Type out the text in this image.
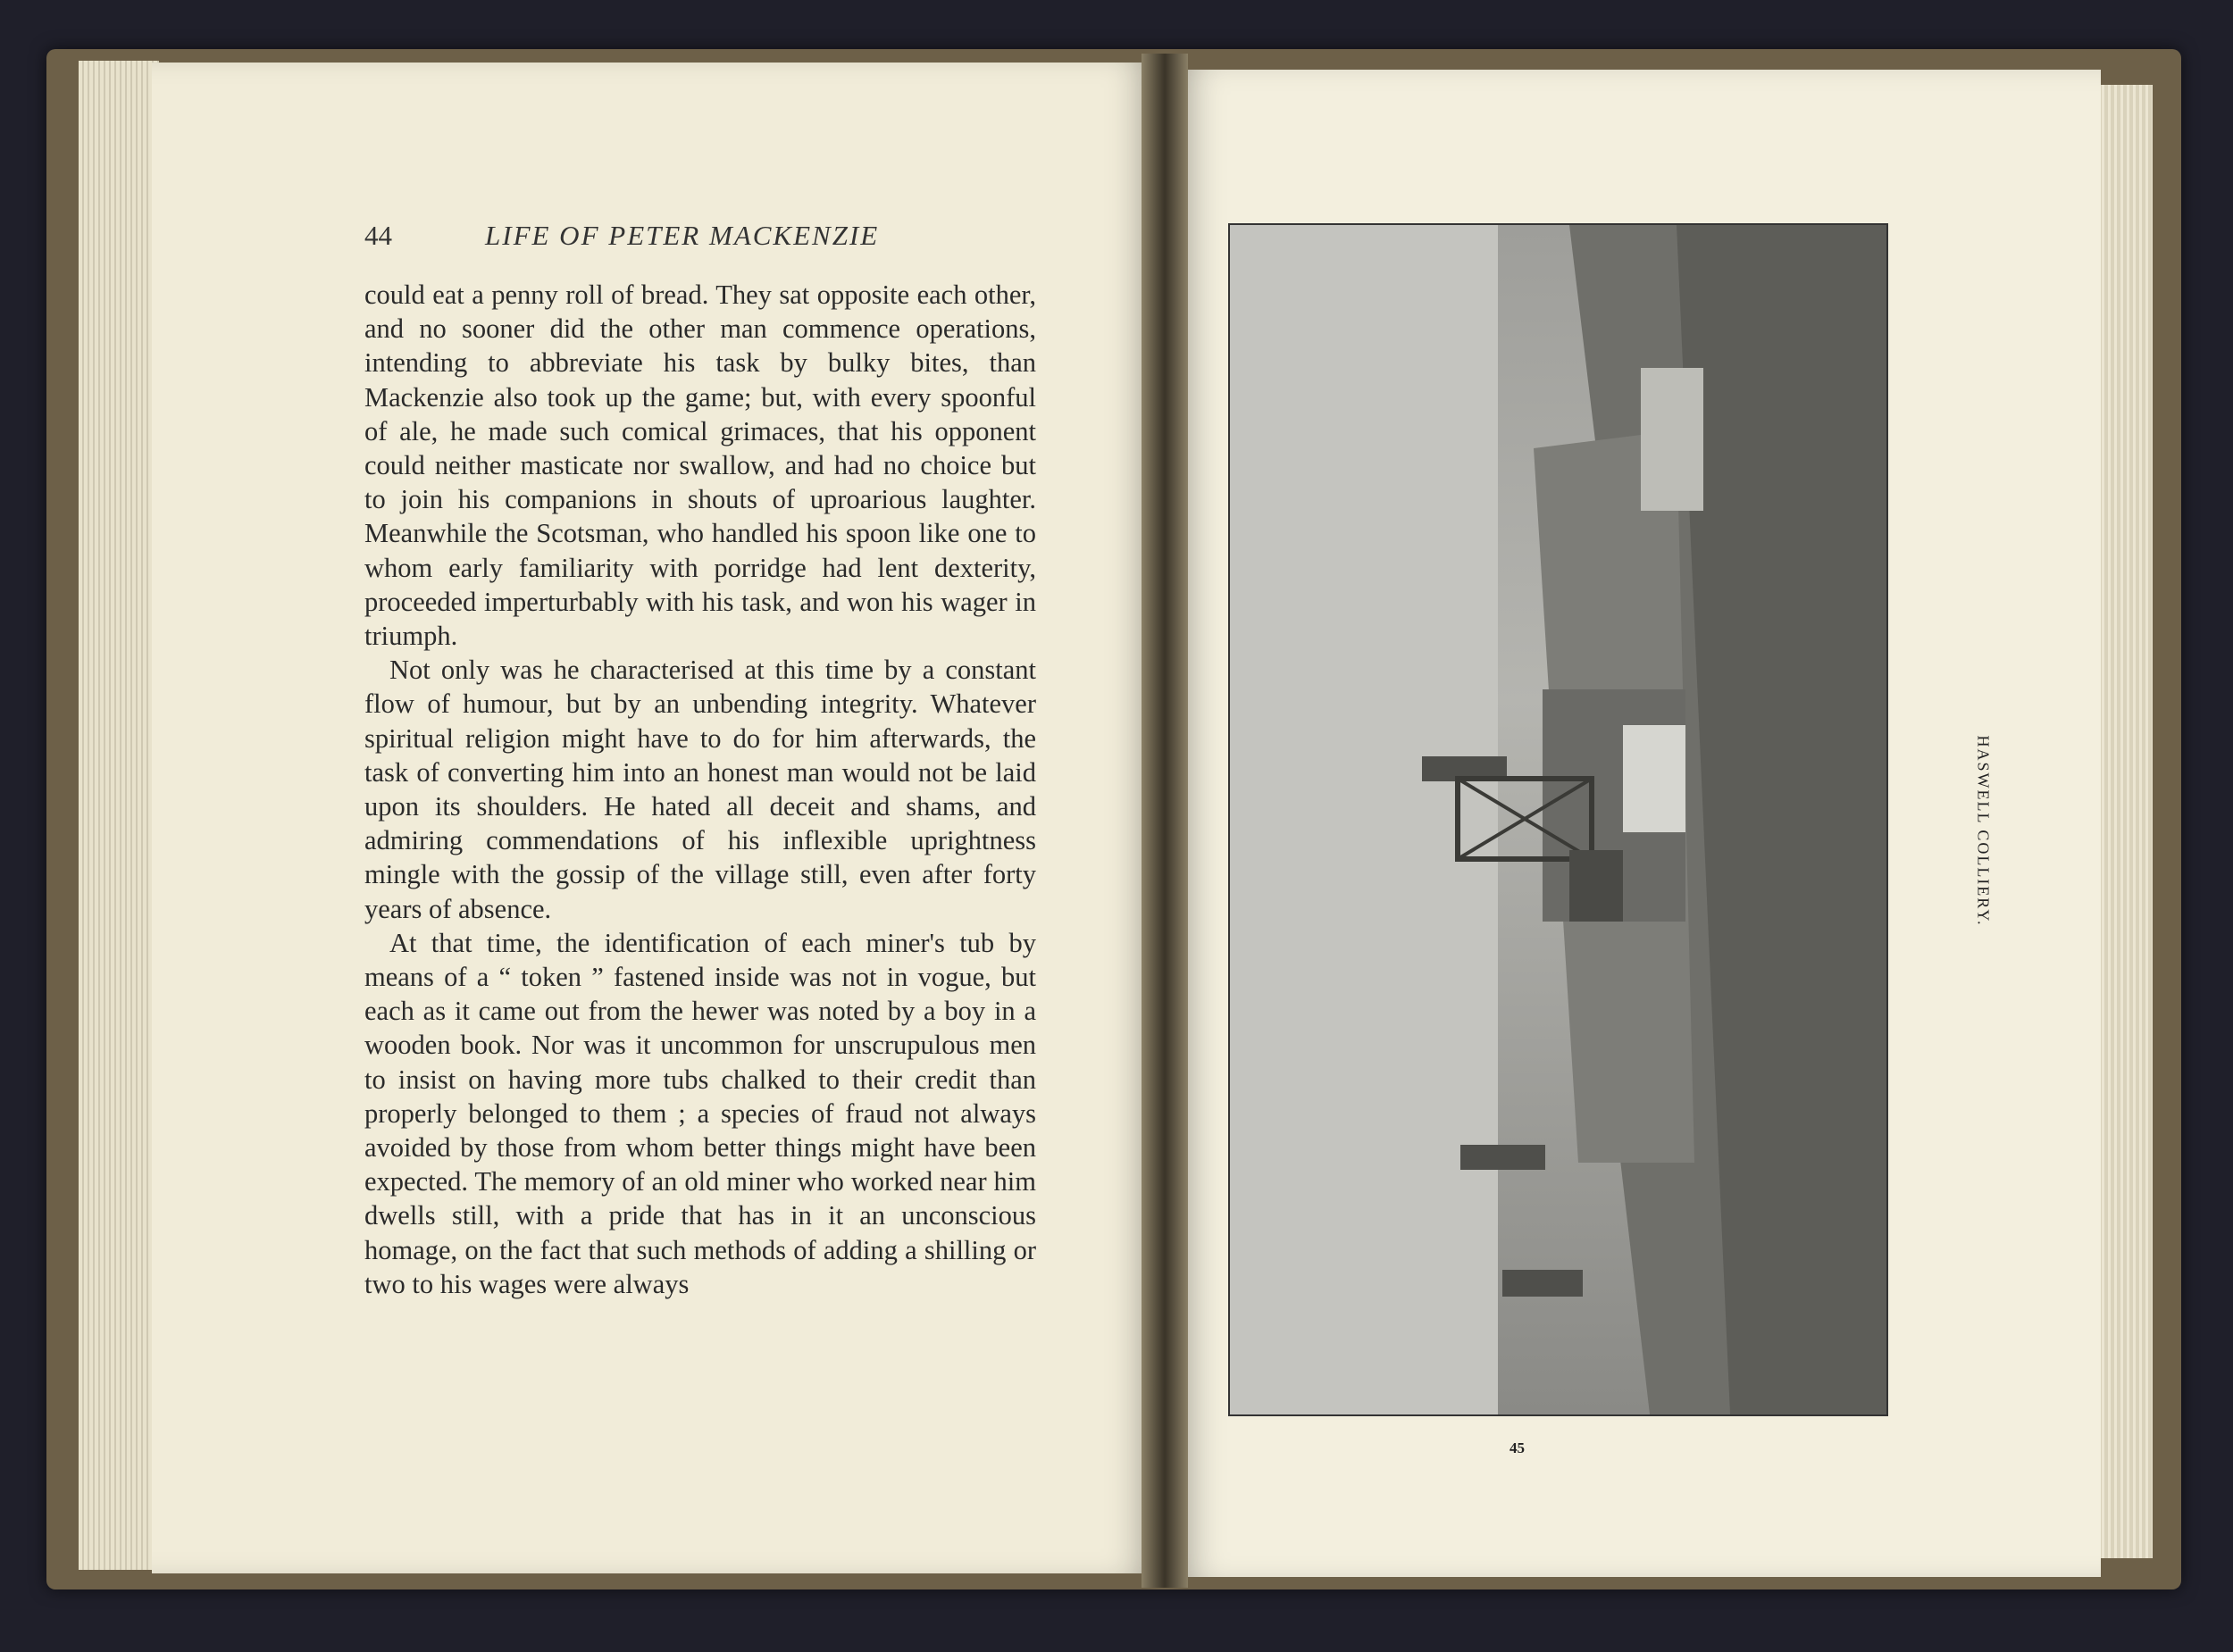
44	LIFE OF PETER MACKENZIE

could eat a penny roll of bread. They sat opposite each other, and no sooner did the other man commence operations, intending to abbreviate his task by bulky bites, than Mackenzie also took up the game; but, with every spoonful of ale, he made such comical grimaces, that his opponent could neither masticate nor swallow, and had no choice but to join his companions in shouts of uproarious laughter. Meanwhile the Scotsman, who handled his spoon like one to whom early familiarity with porridge had lent dexterity, proceeded imperturbably with his task, and won his wager in triumph.

Not only was he characterised at this time by a constant flow of humour, but by an unbending integrity. Whatever spiritual religion might have to do for him afterwards, the task of converting him into an honest man would not be laid upon its shoulders. He hated all deceit and shams, and admiring commendations of his inflexible uprightness mingle with the gossip of the village still, even after forty years of absence.

At that time, the identification of each miner's tub by means of a “ token ” fastened inside was not in vogue, but each as it came out from the hewer was noted by a boy in a wooden book. Nor was it uncommon for unscrupulous men to insist on having more tubs chalked to their credit than properly belonged to them ; a species of fraud not always avoided by those from whom better things might have been expected. The memory of an old miner who worked near him dwells still, with a pride that has in it an unconscious homage, on the fact that such methods of adding a shilling or two to his wages were always

HASWELL COLLIERY.
45
